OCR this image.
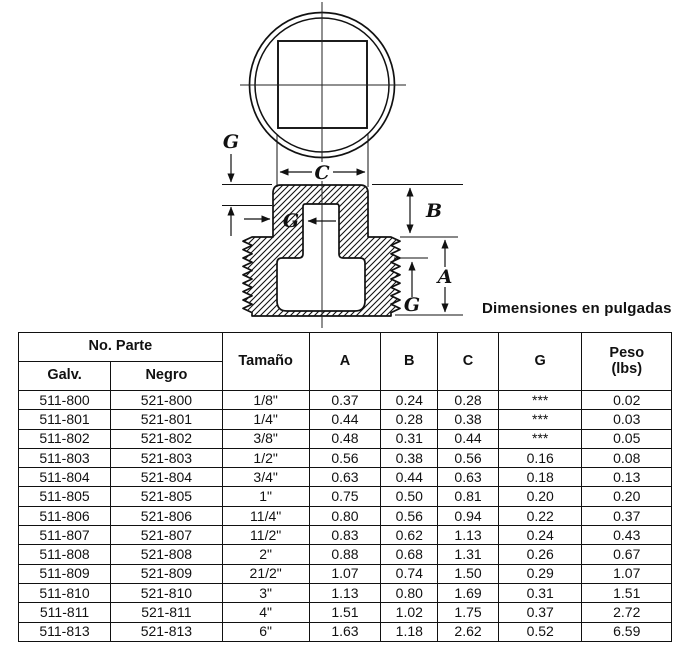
C
G
G	B
A
G	Dimensiones en pulgadas
No. Parte		Tamaño	A	B	C	G	Peso
(lbs)

Galv.	Negro						
511-800	521-800	1/8"	0.37	0.24	0.28	***	0.02
511-801	521-801	1/4"	0.44	0.28	0.38	***	0.03
511-802	521-802	3/8"	0.48	0.31	0.44	***	0.05
511-803	521-803	1/2"	0.56	0.38	0.56	0.16	0.08
511-804	521-804	3/4"	0.63	0.44	0.63	0.18	0.13
511-805	521-805	1"	0.75	0.50	0.81	0.20	0.20
511-806	521-806	11/4"	0.80	0.56	0.94	0.22	0.37
511-807	521-807	11/2"	0.83	0.62	1.13	0.24	0.43
511-808	521-808	2"	0.88	0.68	1.31	0.26	0.67
511-809	521-809	21/2"	1.07	0.74	1.50	0.29	1.07
511-810	521-810	3"	1.13	0.80	1.69	0.31	1.51
511-811	521-811	4"	1.51	1.02	1.75	0.37	2.72
511-813	521-813	6"	1.63	1.18	2.62	0.52	6.59
